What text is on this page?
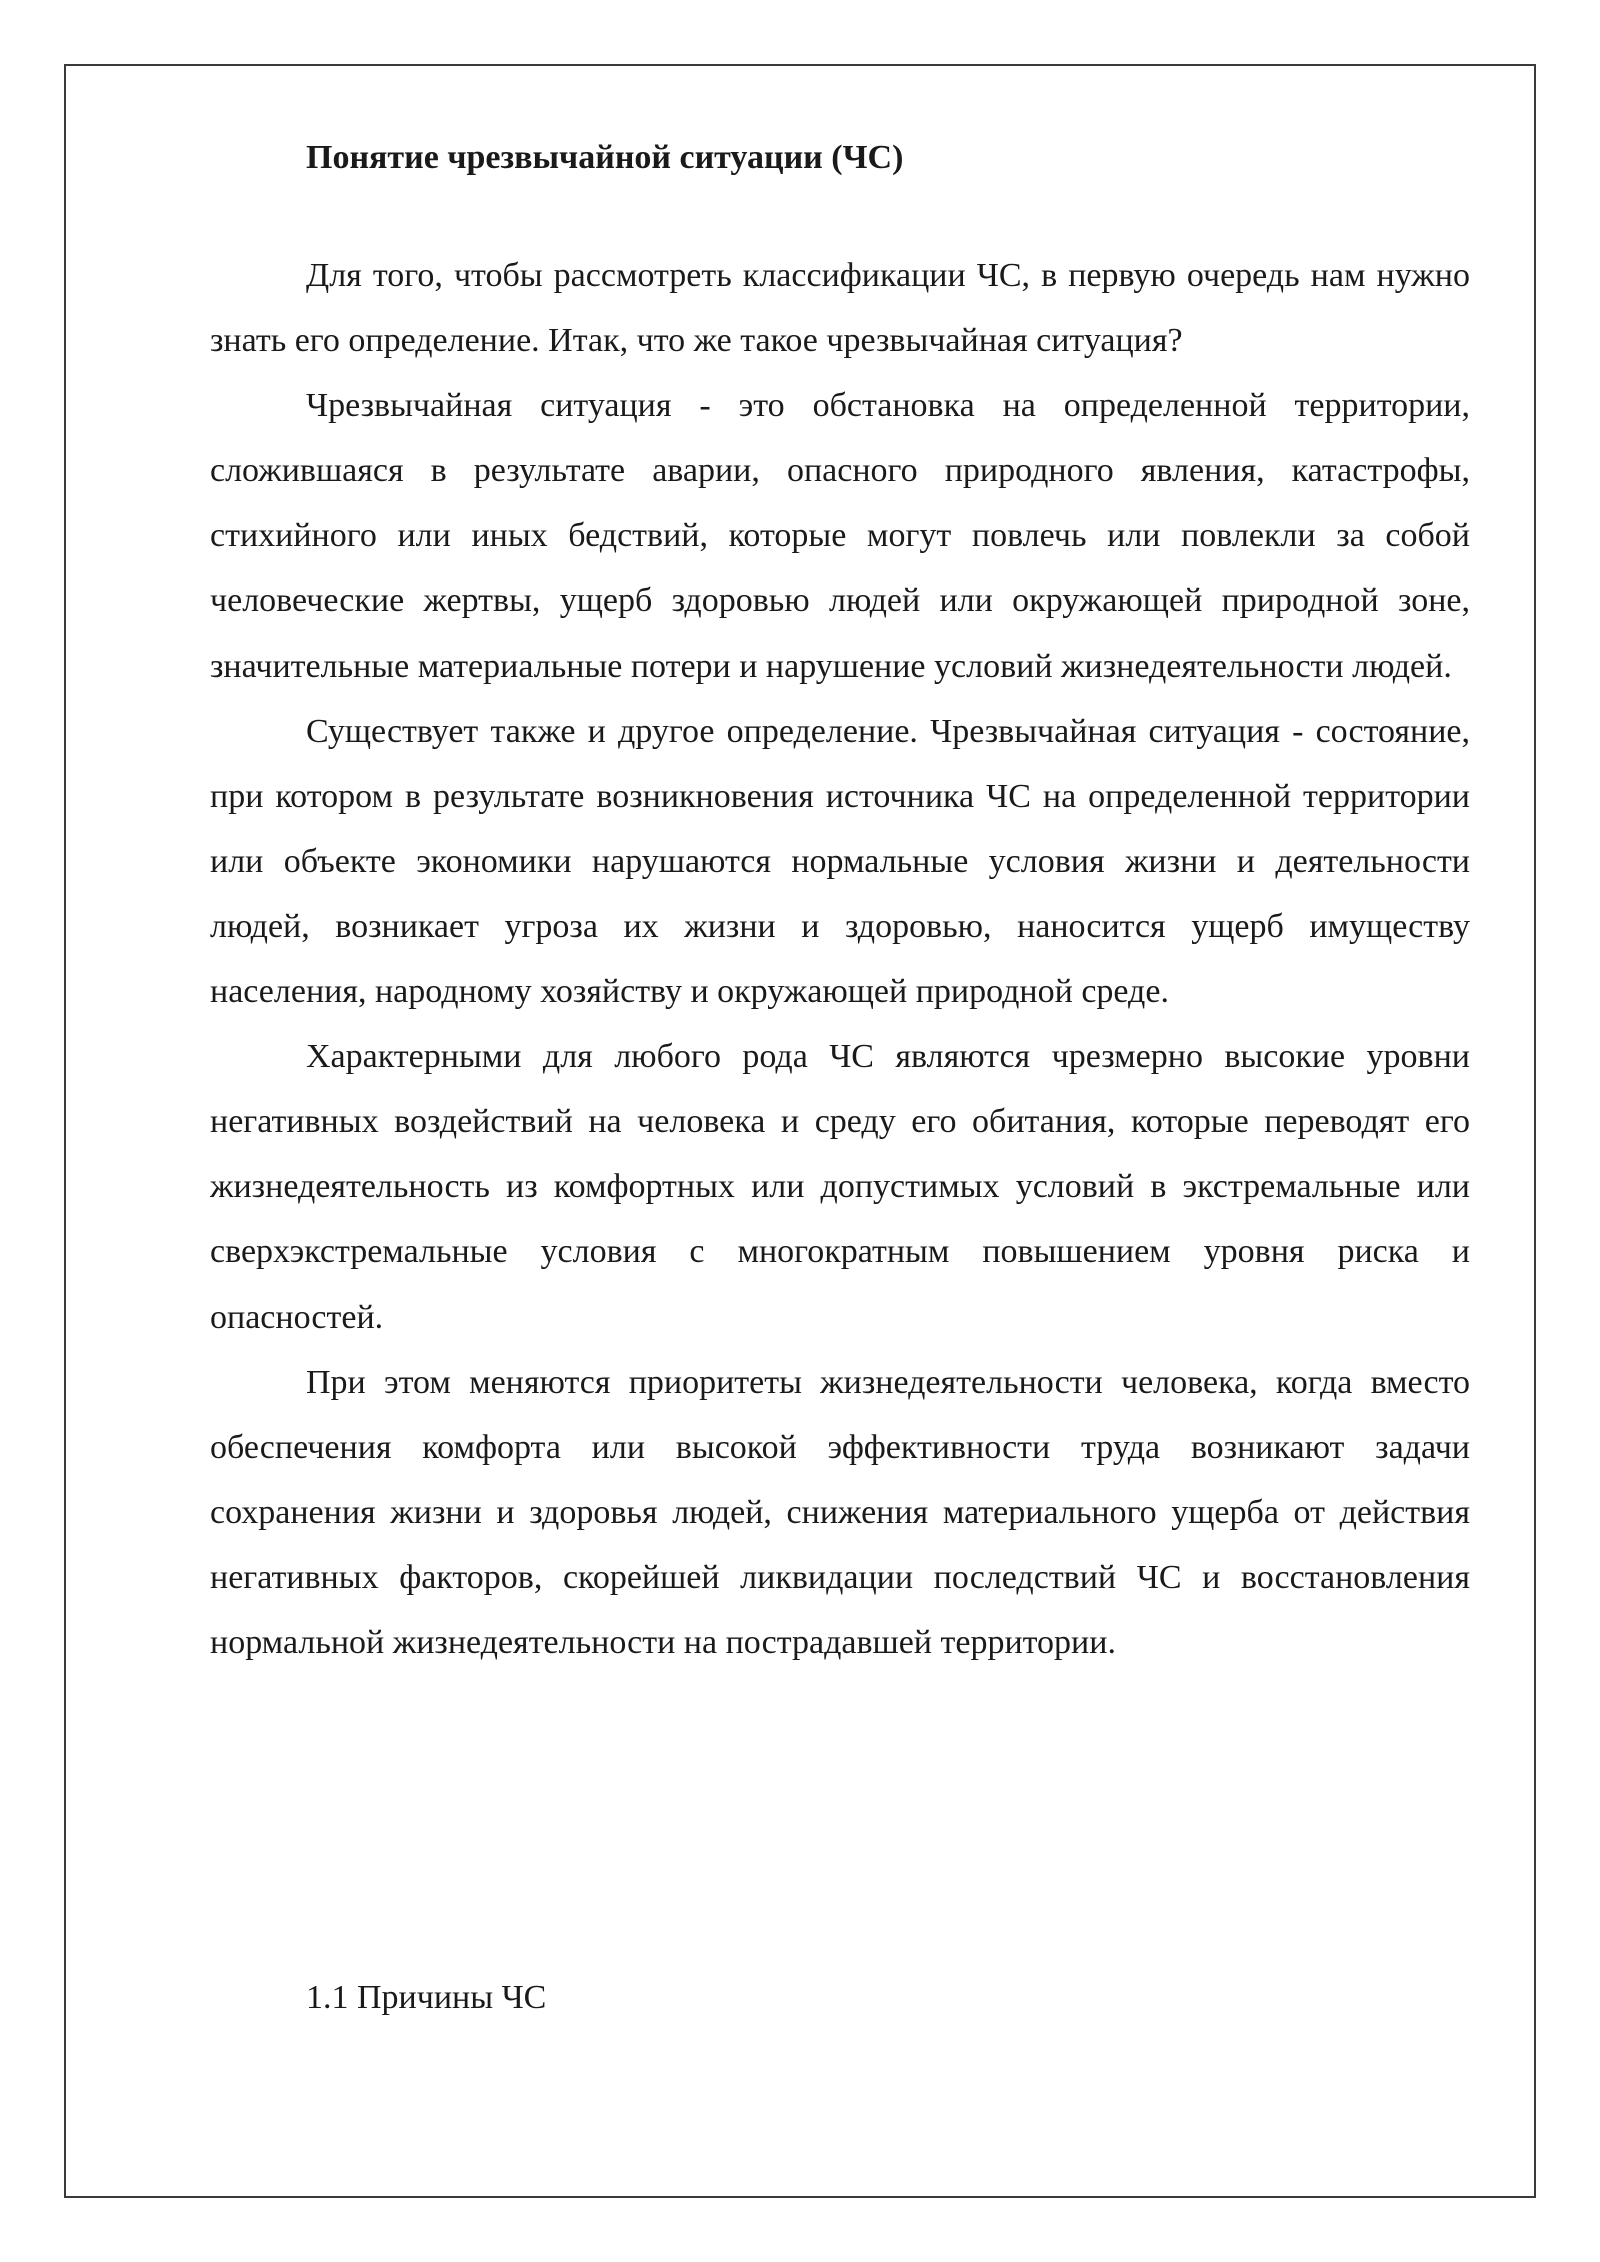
Понятие чрезвычайной ситуации (ЧС)

Для того, чтобы рассмотреть классификации ЧС, в первую очередь нам нужно знать его определение. Итак, что же такое чрезвычайная ситуация?

Чрезвычайная ситуация - это обстановка на определенной территории, сложившаяся в результате аварии, опасного природного явления, катастрофы, стихийного или иных бедствий, которые могут повлечь или повлекли за собой человеческие жертвы, ущерб здоровью людей или окружающей природной зоне, значительные материальные потери и нарушение условий жизнедеятельности людей.

Существует также и другое определение. Чрезвычайная ситуация - состояние, при котором в результате возникновения источника ЧС на определенной территории или объекте экономики нарушаются нормальные условия жизни и деятельности людей, возникает угроза их жизни и здоровью, наносится ущерб имуществу населения, народному хозяйству и окружающей природной среде.

Характерными для любого рода ЧС являются чрезмерно высокие уровни негативных воздействий на человека и среду его обитания, которые переводят его жизнедеятельность из комфортных или допустимых условий в экстремальные или сверхэкстремальные условия с многократным повышением уровня риска и опасностей.

При этом меняются приоритеты жизнедеятельности человека, когда вместо обеспечения комфорта или высокой эффективности труда возникают задачи сохранения жизни и здоровья людей, снижения материального ущерба от действия негативных факторов, скорейшей ликвидации последствий ЧС и восстановления нормальной жизнедеятельности на пострадавшей территории.

1.1 Причины ЧС
